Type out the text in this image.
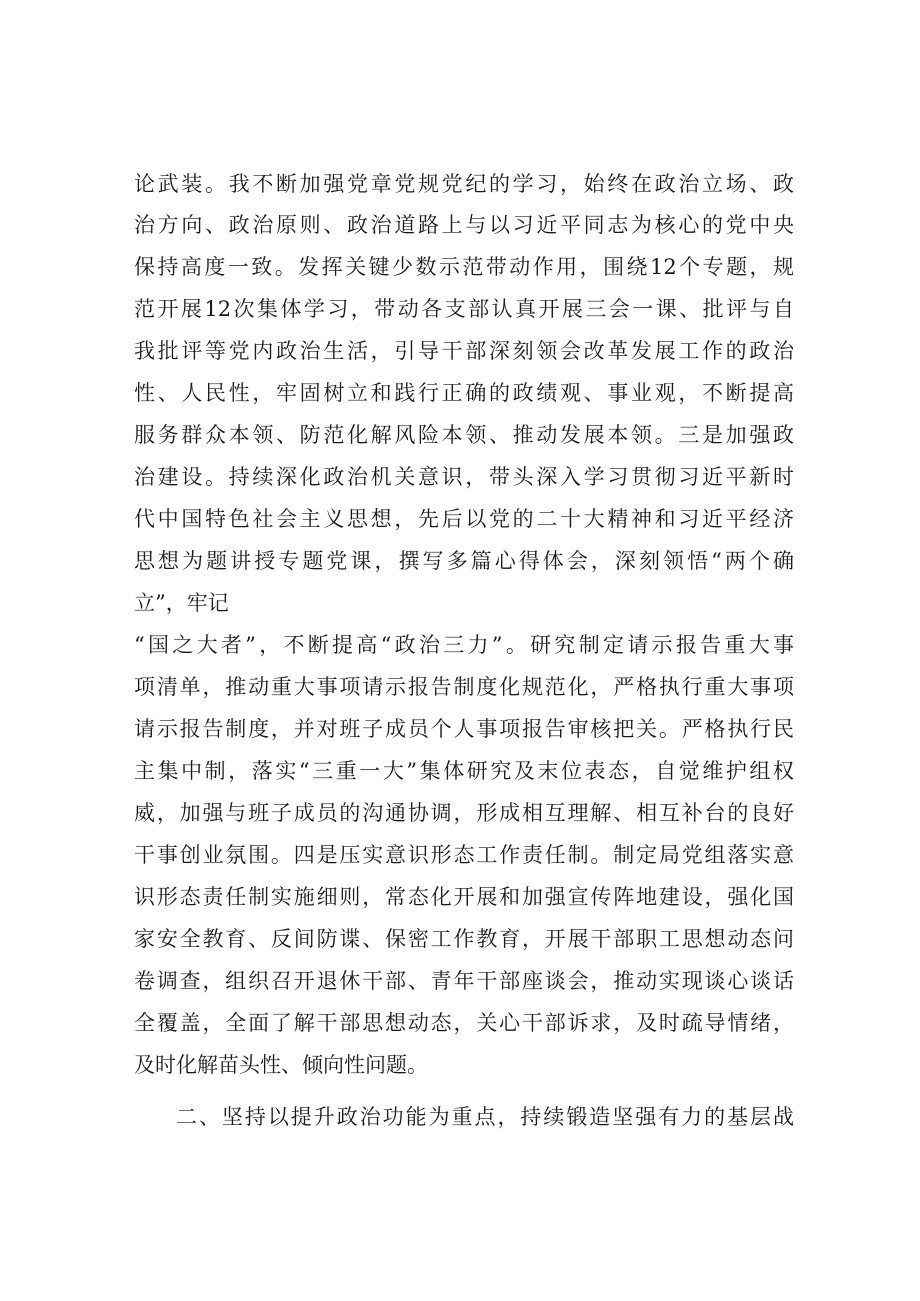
论武装。我不断加强党章党规党纪的学习，始终在政治立场、政
治方向、政治原则、政治道路上与以习近平同志为核心的党中央
保持高度一致。发挥关键少数示范带动作用，围绕12个专题，规
范开展12次集体学习，带动各支部认真开展三会一课、批评与自
我批评等党内政治生活，引导干部深刻领会改革发展工作的政治
性、人民性，牢固树立和践行正确的政绩观、事业观，不断提高
服务群众本领、防范化解风险本领、推动发展本领。三是加强政
治建设。持续深化政治机关意识，带头深入学习贯彻习近平新时
代中国特色社会主义思想，先后以党的二十大精神和习近平经济
思想为题讲授专题党课，撰写多篇心得体会，深刻领悟“两个确
立”，牢记
“国之大者”，不断提高“政治三力”。研究制定请示报告重大事
项清单，推动重大事项请示报告制度化规范化，严格执行重大事项
请示报告制度，并对班子成员个人事项报告审核把关。严格执行民
主集中制，落实“三重一大”集体研究及末位表态，自觉维护组权
威，加强与班子成员的沟通协调，形成相互理解、相互补台的良好
干事创业氛围。四是压实意识形态工作责任制。制定局党组落实意
识形态责任制实施细则，常态化开展和加强宣传阵地建设，强化国
家安全教育、反间防谍、保密工作教育，开展干部职工思想动态问
卷调查，组织召开退休干部、青年干部座谈会，推动实现谈心谈话
全覆盖，全面了解干部思想动态，关心干部诉求，及时疏导情绪，
及时化解苗头性、倾向性问题。
二、坚持以提升政治功能为重点，持续锻造坚强有力的基层战
